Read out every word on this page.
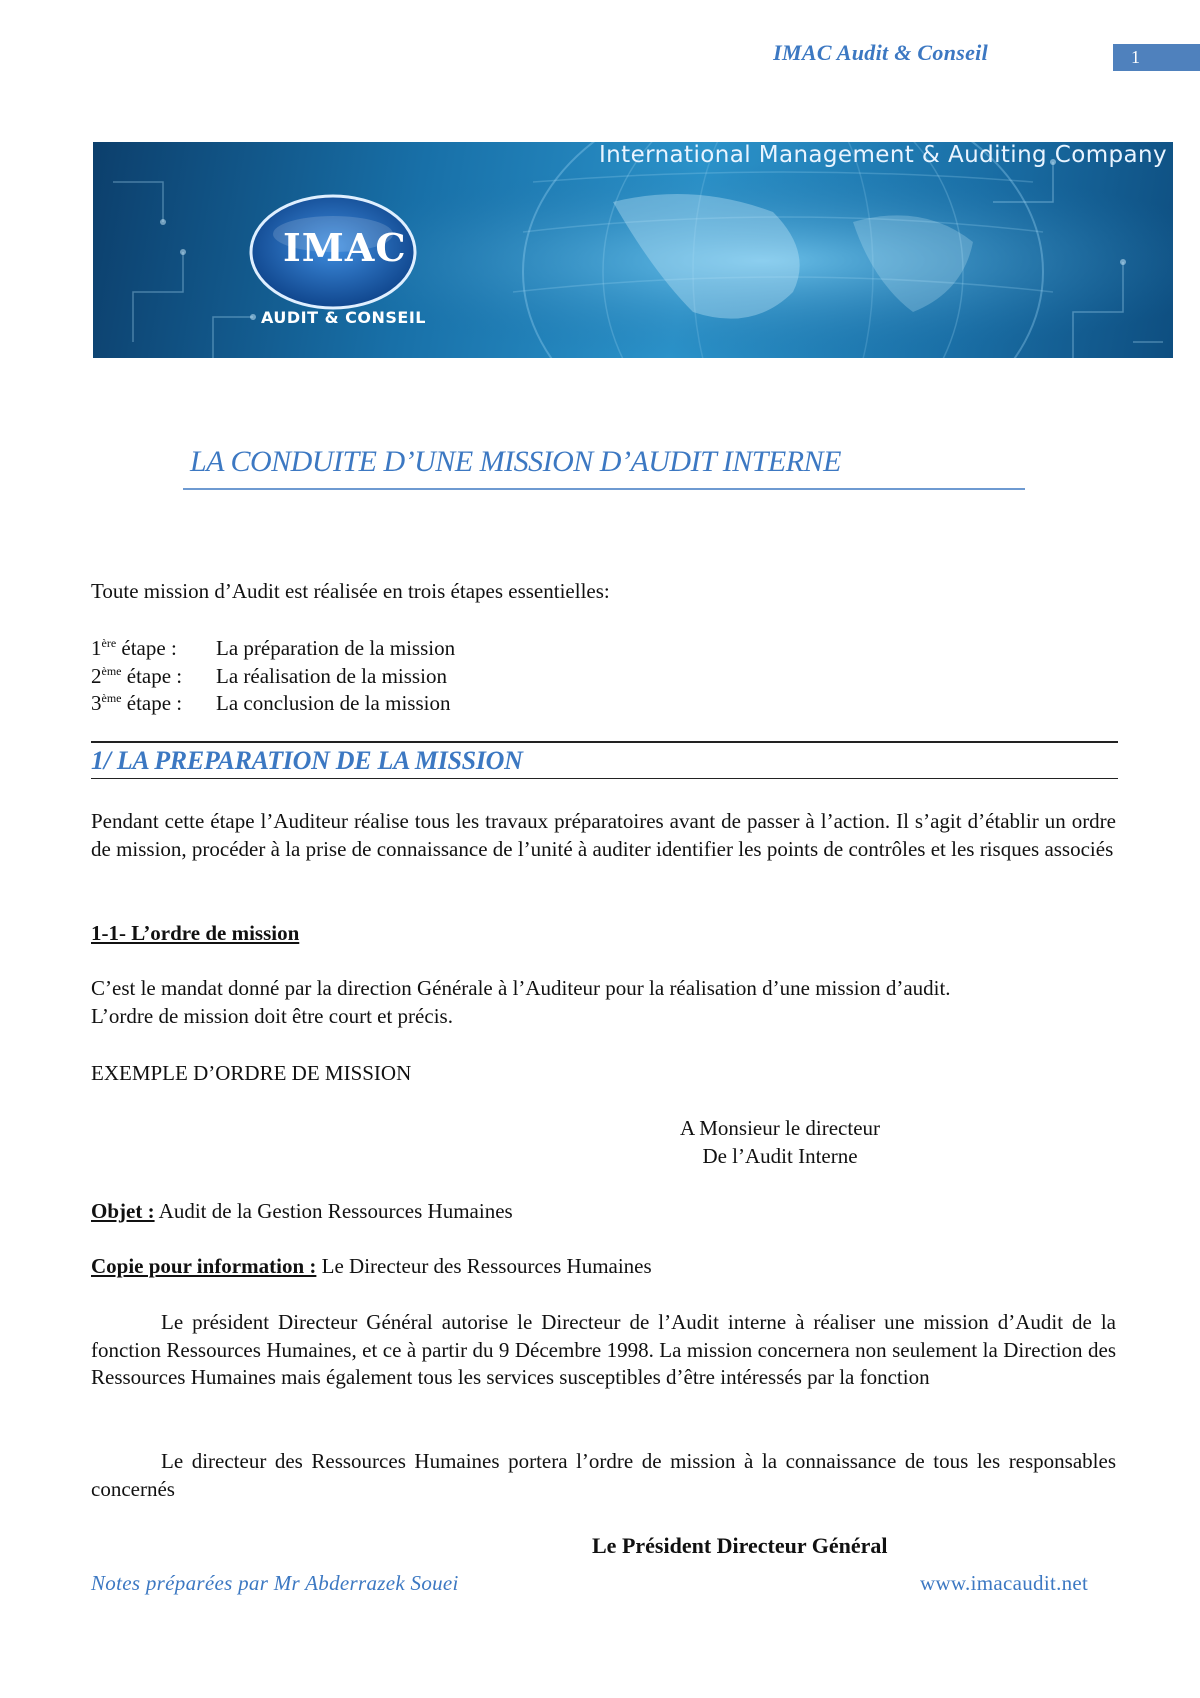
IMAC Audit & Conseil	1
International Management & Auditing Company
IMAC
AUDIT & CONSEIL
LA CONDUITE D’UNE MISSION D’AUDIT INTERNE
Toute mission d’Audit est réalisée en trois étapes essentielles:
1ère étape :La préparation de la mission
2ème étape :La réalisation de la mission
3ème étape :La conclusion de la mission
1/ LA PREPARATION DE LA MISSION
Pendant cette étape l’Auditeur réalise tous les travaux préparatoires avant de passer à l’action. Il s’agit d’établir un ordre de mission, procéder à la prise de connaissance de l’unité à auditer identifier les points de contrôles et les risques associés
1-1- L’ordre de mission
C’est le mandat donné par la direction Générale à l’Auditeur pour la réalisation d’une mission d’audit.
L’ordre de mission doit être court et précis.
EXEMPLE D’ORDRE DE MISSION
A Monsieur le directeur
De l’Audit Interne
Objet : Audit de la Gestion Ressources Humaines
Copie pour information : Le Directeur des Ressources Humaines
Le président Directeur Général autorise le Directeur de l’Audit interne à réaliser une mission d’Audit de la fonction Ressources Humaines, et ce à partir du 9 Décembre 1998. La mission concernera non seulement la Direction des Ressources Humaines mais également tous les services susceptibles d’être intéressés par la fonction
Le directeur des Ressources Humaines portera l’ordre de mission à la connaissance de tous les responsables concernés
Le Président Directeur Général
Notes préparées par Mr Abderrazek Souei	www.imacaudit.net
